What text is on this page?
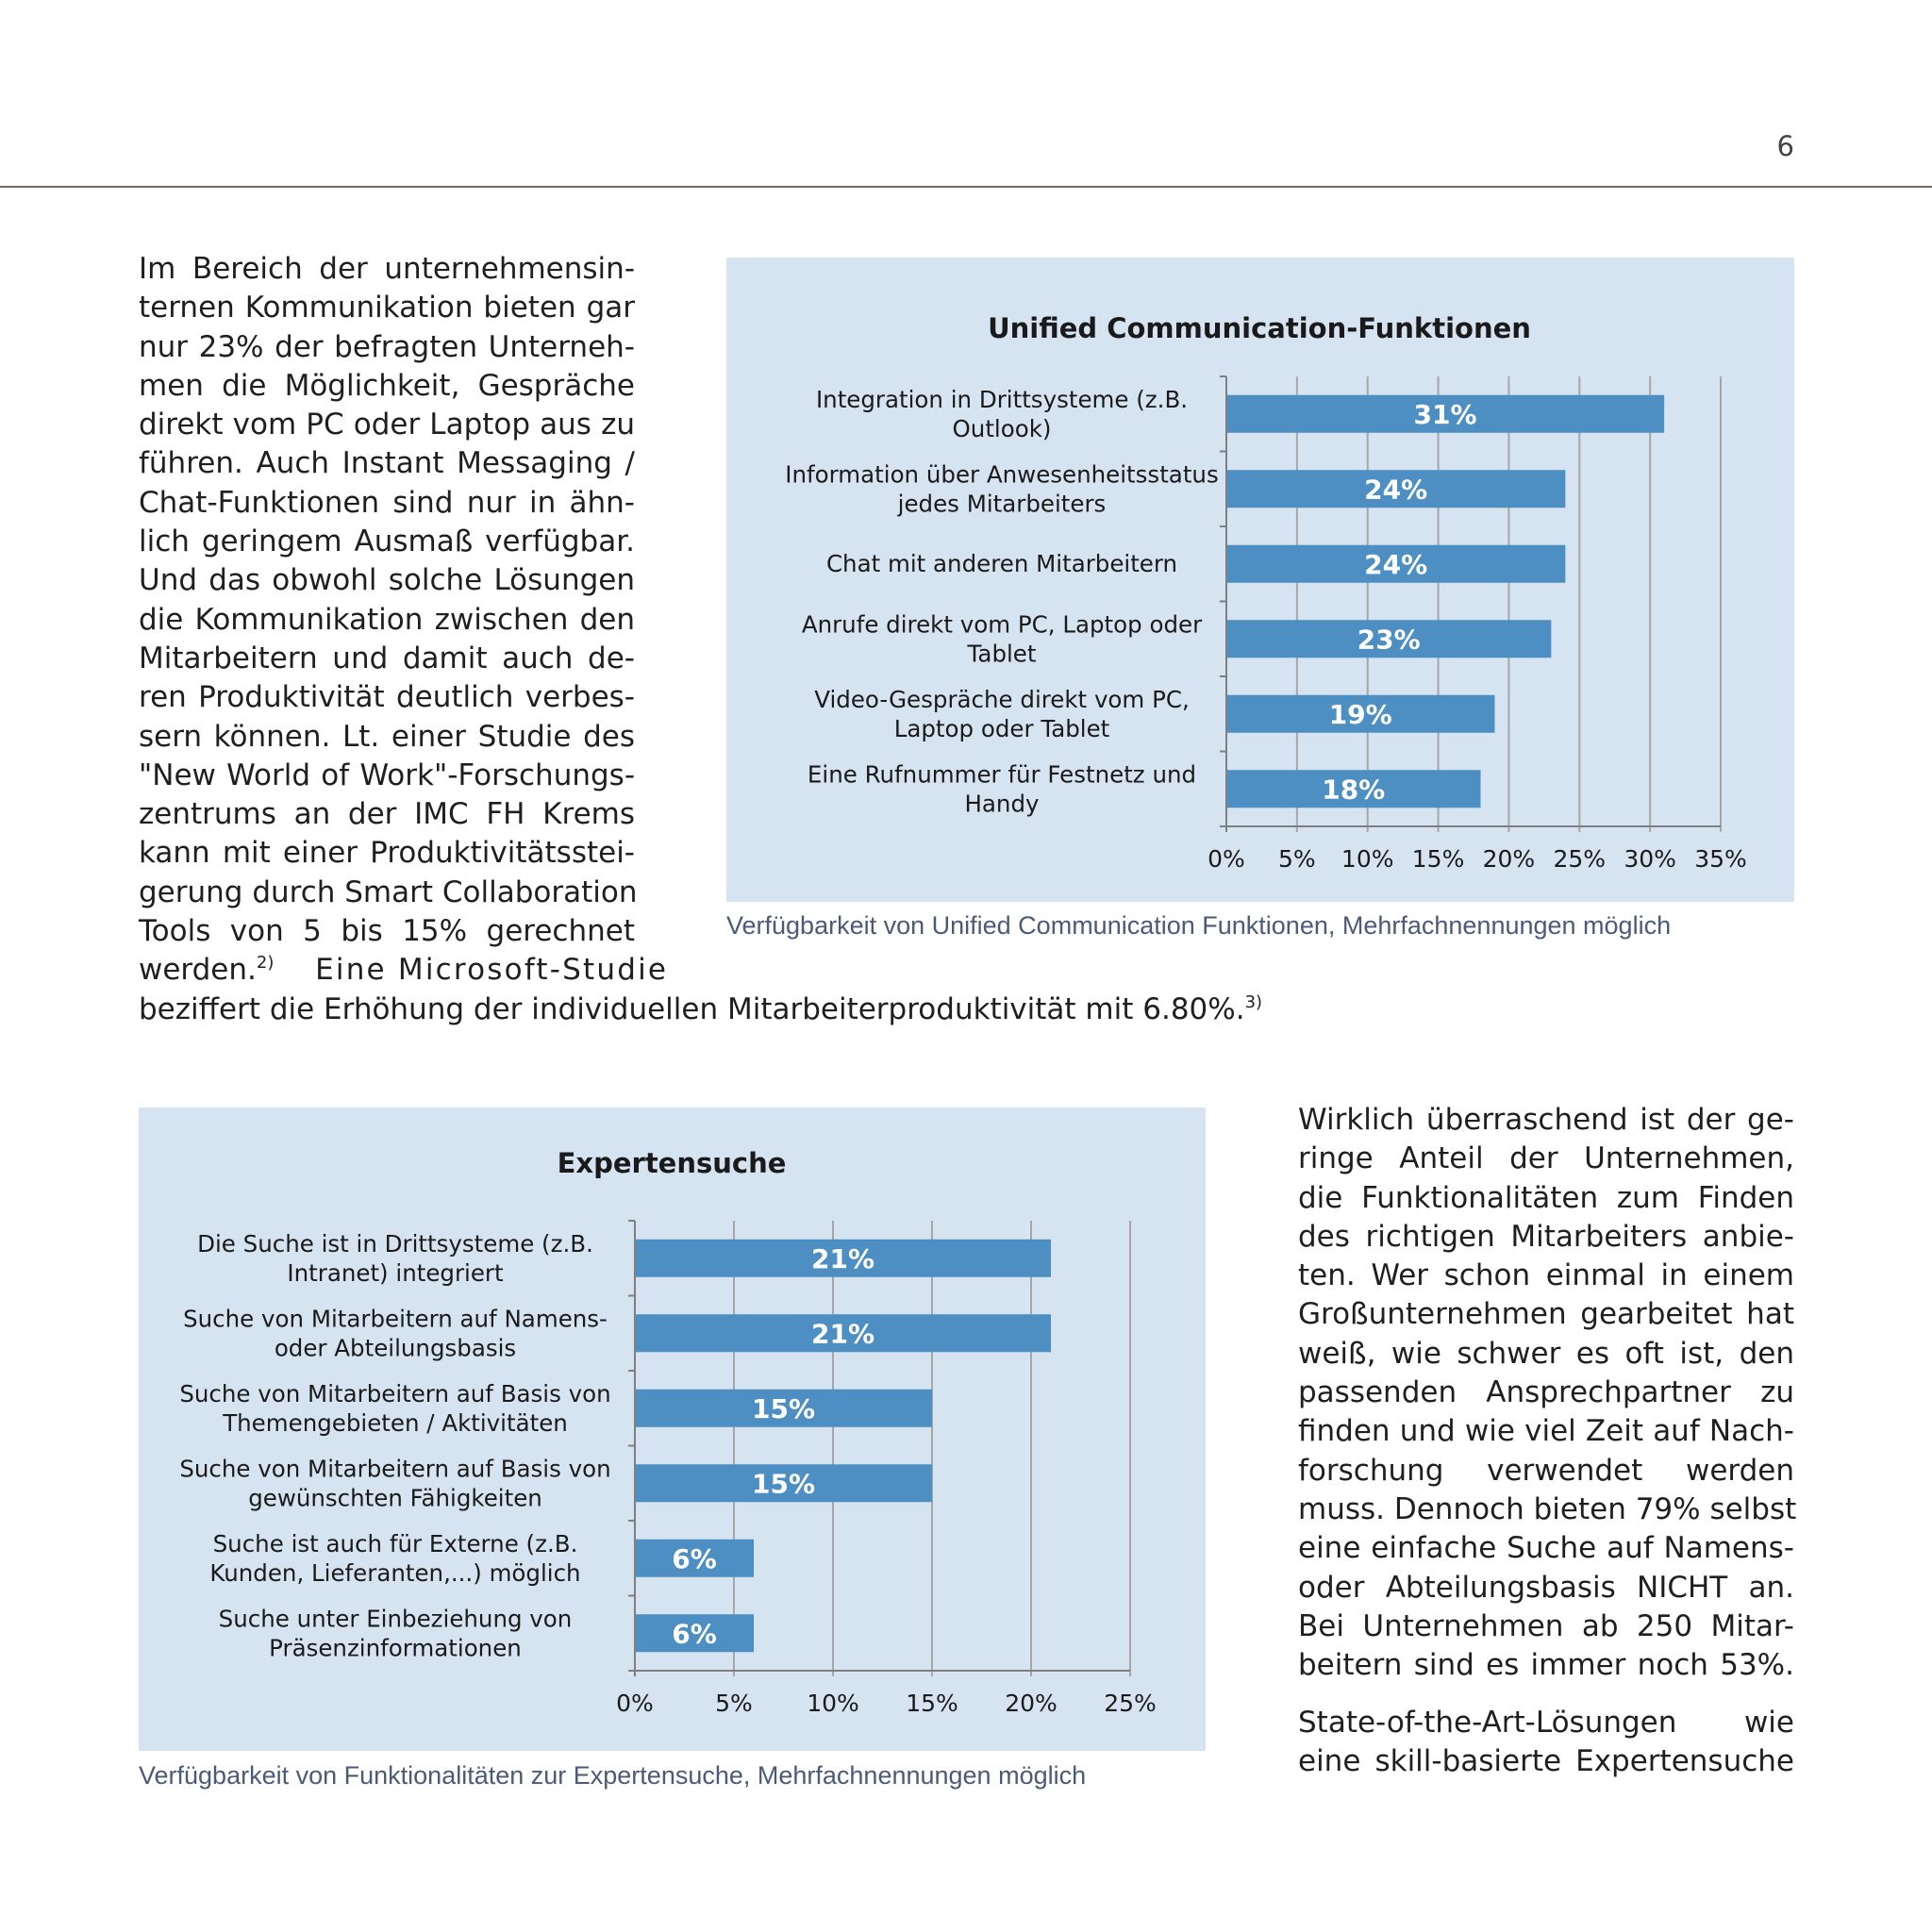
6

Im Bereich der unternehmensin-
ternen Kommunikation bieten gar
nur 23% der befragten Unterneh-
men die Möglichkeit, Gespräche
direkt vom PC oder Laptop aus zu
führen. Auch Instant Messaging /
Chat-Funktionen sind nur in ähn-
lich geringem Ausmaß verfügbar.
Und das obwohl solche Lösungen
die Kommunikation zwischen den
Mitarbeitern und damit auch de-
ren Produktivität deutlich verbes-
sern können. Lt. einer Studie des
"New World of Work"-Forschungs-
zentrums an der IMC FH Krems
kann mit einer Produktivitätsstei-
gerung durch Smart Collaboration
Tools von 5 bis 15% gerechnet

werden.$^{2)}$ Eine Microsoft-Studie
beziffert die Erhöhung der individuellen Mitarbeiterproduktivität mit 6.80%.$^{3)}$
Unified Communication-Funktionen
0% 5% 10% 15% 20% 25% 30% 35%
31%
Integration in Drittsysteme (z.B.
Outlook)
24%
Information über Anwesenheitsstatus
jedes Mitarbeiters
24%
Chat mit anderen Mitarbeitern
23%
Anrufe direkt vom PC, Laptop oder
Tablet
19%
Video-Gespräche direkt vom PC,
Laptop oder Tablet
18%
Eine Rufnummer für Festnetz und
Handy

Verfügbarkeit von Unified Communication Funktionen, Mehrfachnennungen möglich

Expertensuche
0%	5% 10% 15% 20% 25%
21%
Die Suche ist in Drittsysteme (z.B.
Intranet) integriert
21%
Suche von Mitarbeitern auf Namens-
oder Abteilungsbasis
15%
Suche von Mitarbeitern auf Basis von
Themengebieten / Aktivitäten
15%
Suche von Mitarbeitern auf Basis von
gewünschten Fähigkeiten
6%
Suche ist auch für Externe (z.B.
Kunden, Lieferanten,...) möglich
6%
Suche unter Einbeziehung von
Präsenzinformationen

Verfügbarkeit von Funktionalitäten zur Expertensuche, Mehrfachnennungen möglich

Wirklich überraschend ist der ge-
ringe Anteil der Unternehmen,
die Funktionalitäten zum Finden
des richtigen Mitarbeiters anbie-
ten. Wer schon einmal in einem
Großunternehmen gearbeitet hat
weiß, wie schwer es oft ist, den
passenden Ansprechpartner zu
finden und wie viel Zeit auf Nach-
forschung verwendet werden
muss. Dennoch bieten 79% selbst
eine einfache Suche auf Namens-
oder Abteilungsbasis NICHT an.
Bei Unternehmen ab 250 Mitar-
beitern sind es immer noch 53%.

State-of-the-Art-Lösungen wie
eine skill-basierte Expertensuche
